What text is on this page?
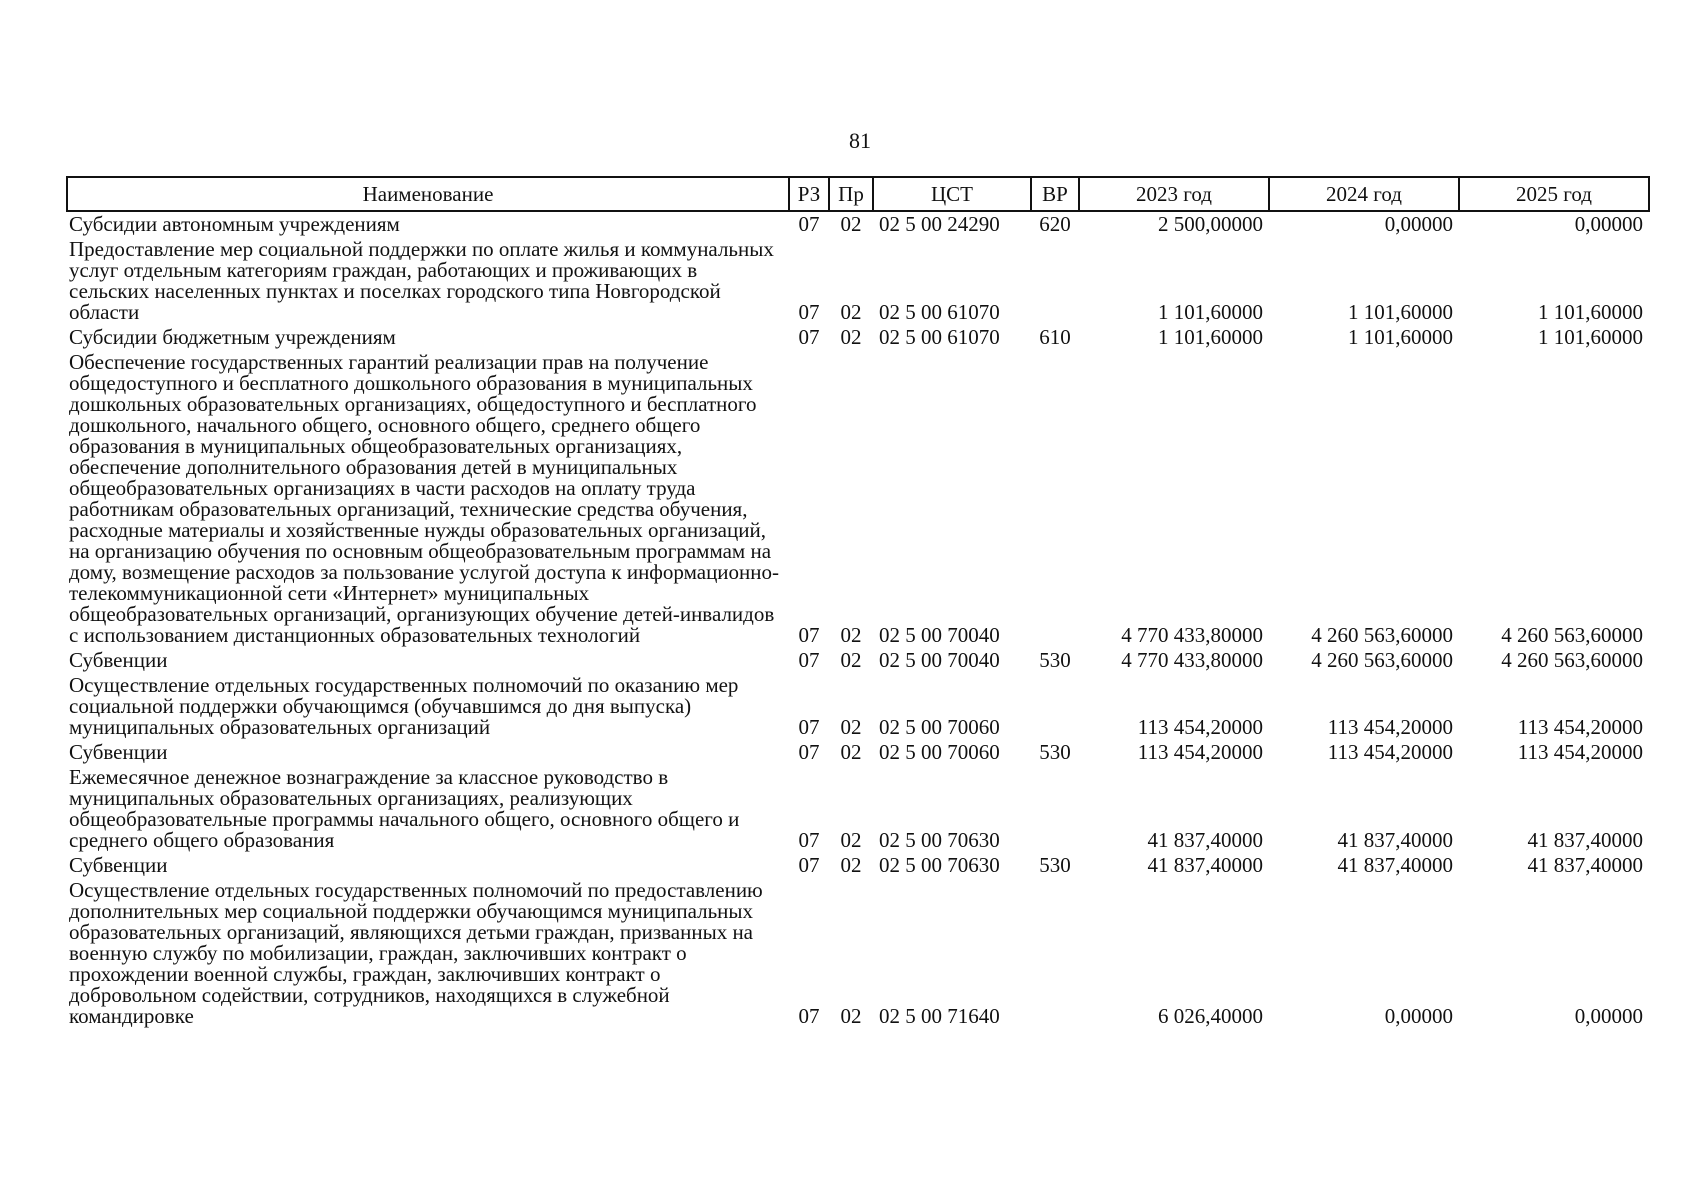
81
Наименование	РЗ	Пр	ЦСТ	ВР	2023 год	2024 год	2025 год
Субсидии автономным учреждениям	07	02	02 5 00 24290	620	2 500,00000	0,00000	0,00000
Предоставление мер социальной поддержки по оплате жилья и коммунальных услуг отдельным категориям граждан, работающих и проживающих в сельских населенных пунктах и поселках городского типа Новгородской области	07	02	02 5 00 61070		1 101,60000	1 101,60000	1 101,60000
Субсидии бюджетным учреждениям	07	02	02 5 00 61070	610	1 101,60000	1 101,60000	1 101,60000
Обеспечение государственных гарантий реализации прав на получение общедоступного и бесплатного дошкольного образования в муниципальных дошкольных образовательных организациях, общедоступного и бесплатного дошкольного, начального общего, основного общего, среднего общего образования в муниципальных общеобразовательных организациях, обеспечение дополнительного образования детей в муниципальных общеобразовательных организациях в части расходов на оплату труда работникам образовательных организаций, технические средства обучения, расходные материалы и хозяйственные нужды образовательных организаций, на организацию обучения по основным общеобразовательным программам на дому, возмещение расходов за пользование услугой доступа к информационно-телекоммуникационной сети «Интернет» муниципальных общеобразовательных организаций, организующих обучение детей-инвалидов с использованием дистанционных образовательных технологий	07	02	02 5 00 70040		4 770 433,80000	4 260 563,60000	4 260 563,60000
Субвенции	07	02	02 5 00 70040	530	4 770 433,80000	4 260 563,60000	4 260 563,60000
Осуществление отдельных государственных полномочий по оказанию мер социальной поддержки обучающимся (обучавшимся до дня выпуска) муниципальных образовательных организаций	07	02	02 5 00 70060		113 454,20000	113 454,20000	113 454,20000
Субвенции	07	02	02 5 00 70060	530	113 454,20000	113 454,20000	113 454,20000
Ежемесячное денежное вознаграждение за классное руководство в муниципальных образовательных организациях, реализующих общеобразовательные программы начального общего, основного общего и среднего общего образования	07	02	02 5 00 70630		41 837,40000	41 837,40000	41 837,40000
Субвенции	07	02	02 5 00 70630	530	41 837,40000	41 837,40000	41 837,40000
Осуществление отдельных государственных полномочий по предоставлению дополнительных мер социальной поддержки обучающимся муниципальных образовательных организаций, являющихся детьми граждан, призванных на военную службу по мобилизации, граждан, заключивших контракт о прохождении военной службы, граждан, заключивших контракт о добровольном содействии, сотрудников, находящихся в служебной командировке	07	02	02 5 00 71640		6 026,40000	0,00000	0,00000
